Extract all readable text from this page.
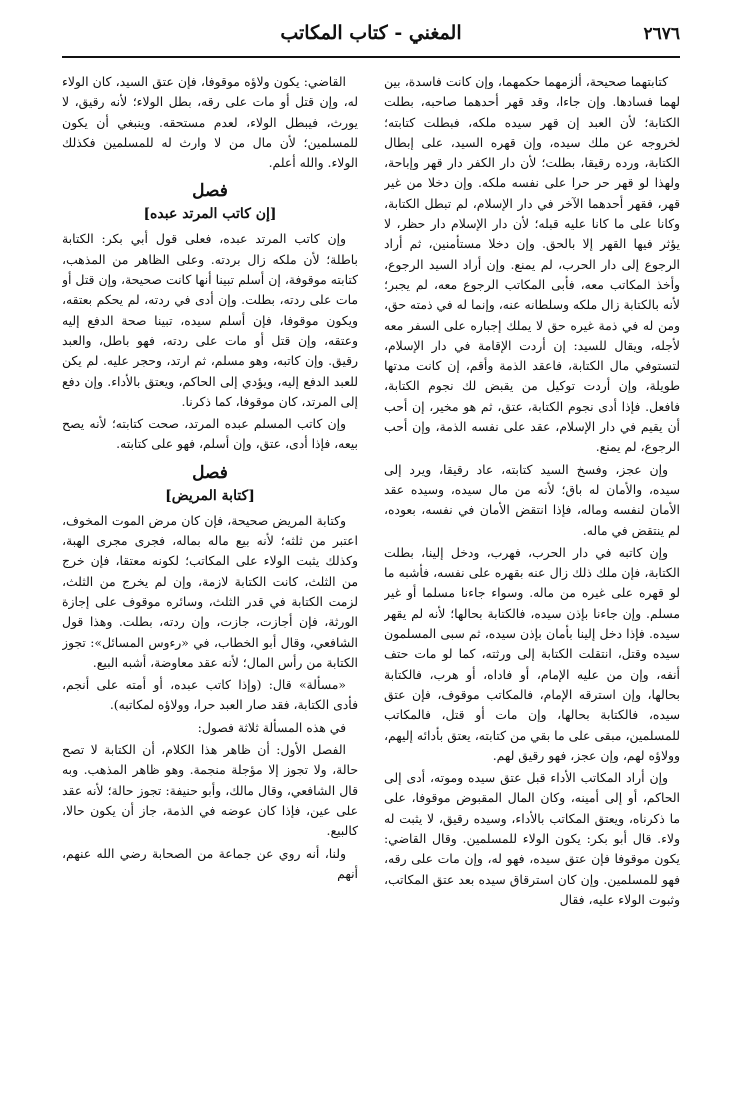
٢٦٧٦
المغني - كتاب المكاتب

كتابتهما صحيحة، ألزمهما حكمهما، وإن كانت فاسدة، بين لهما فسادها. وإن جاءا، وقد قهر أحدهما صاحبه، بطلت الكتابة؛ لأن العبد إن قهر سيده ملكه، فبطلت كتابته؛ لخروجه عن ملك سيده، وإن قهره السيد، على إبطال الكتابة، ورده رقيقا، بطلت؛ لأن دار الكفر دار قهر وإباحة، ولهذا لو قهر حر حرا على نفسه ملكه. وإن دخلا من غير قهر، فقهر أحدهما الآخر في دار الإسلام، لم تبطل الكتابة، وكانا على ما كانا عليه قبله؛ لأن دار الإسلام دار حظر، لا يؤثر فيها القهر إلا بالحق. وإن دخلا مستأمنين، ثم أراد الرجوع إلى دار الحرب، لم يمنع. وإن أراد السيد الرجوع، وأخذ المكاتب معه، فأبى المكاتب الرجوع معه، لم يجبر؛ لأنه بالكتابة زال ملكه وسلطانه عنه، وإنما له في ذمته حق، ومن له في ذمة غيره حق لا يملك إجباره على السفر معه لأجله، ويقال للسيد: إن أردت الإقامة في دار الإسلام، لتستوفي مال الكتابة، فاعقد الذمة وأقم، إن كانت مدتها طويلة، وإن أردت توكيل من يقبض لك نجوم الكتابة، فافعل. فإذا أدى نجوم الكتابة، عتق، ثم هو مخير، إن أحب أن يقيم في دار الإسلام، عقد على نفسه الذمة، وإن أحب الرجوع، لم يمنع.

وإن عجز، وفسخ السيد كتابته، عاد رقيقا، ويرد إلى سيده، والأمان له باق؛ لأنه من مال سيده، وسيده عقد الأمان لنفسه وماله، فإذا انتقض الأمان في نفسه، بعوده، لم ينتقض في ماله.

وإن كاتبه في دار الحرب، فهرب، ودخل إلينا، بطلت الكتابة، فإن ملك ذلك زال عنه بقهره على نفسه، فأشبه ما لو قهره على غيره من ماله. وسواء جاءنا مسلما أو غير مسلم. وإن جاءنا بإذن سيده، فالكتابة بحالها؛ لأنه لم يقهر سيده. فإذا دخل إلينا بأمان بإذن سيده، ثم سبى المسلمون سيده وقتل، انتقلت الكتابة إلى ورثته، كما لو مات حتف أنفه، وإن من عليه الإمام، أو فاداه، أو هرب، فالكتابة بحالها، وإن استرقه الإمام، فالمكاتب موقوف، فإن عتق سيده، فالكتابة بحالها، وإن مات أو قتل، فالمكاتب للمسلمين، مبقى على ما بقي من كتابته، يعتق بأدائه إليهم، وولاؤه لهم، وإن عجز، فهو رقيق لهم.

وإن أراد المكاتب الأداء قبل عتق سيده وموته، أدى إلى الحاكم، أو إلى أمينه، وكان المال المقبوض موقوفا، على ما ذكرناه، ويعتق المكاتب بالأداء، وسيده رقيق، لا يثبت له ولاء. قال أبو بكر: يكون الولاء للمسلمين. وقال القاضي: يكون موقوفا فإن عتق سيده، فهو له، وإن مات على رقه، فهو للمسلمين. وإن كان استرقاق سيده بعد عتق المكاتب، وثبوت الولاء عليه، فقال

القاضي: يكون ولاؤه موقوفا، فإن عتق السيد، كان الولاء له، وإن قتل أو مات على رقه، بطل الولاء؛ لأنه رقيق، لا يورث، فيبطل الولاء، لعدم مستحقه. وينبغي أن يكون للمسلمين؛ لأن مال من لا وارث له للمسلمين فكذلك الولاء. والله أعلم.

فصل
[إن كاتب المرتد عبده]

وإن كاتب المرتد عبده، فعلى قول أبي بكر: الكتابة باطلة؛ لأن ملكه زال بردته. وعلى الظاهر من المذهب، كتابته موقوفة، إن أسلم تبينا أنها كانت صحيحة، وإن قتل أو مات على ردته، بطلت. وإن أدى في ردته، لم يحكم بعتقه، ويكون موقوفا، فإن أسلم سيده، تبينا صحة الدفع إليه وعتقه، وإن قتل أو مات على ردته، فهو باطل، والعبد رقيق. وإن كاتبه، وهو مسلم، ثم ارتد، وحجر عليه. لم يكن للعبد الدفع إليه، ويؤدي إلى الحاكم، ويعتق بالأداء. وإن دفع إلى المرتد، كان موقوفا، كما ذكرنا.

وإن كاتب المسلم عبده المرتد، صحت كتابته؛ لأنه يصح بيعه، فإذا أدى، عتق، وإن أسلم، فهو على كتابته.

فصل
[كتابة المريض]

وكتابة المريض صحيحة، فإن كان مرض الموت المخوف، اعتبر من ثلثه؛ لأنه بيع ماله بماله، فجرى مجرى الهبة، وكذلك يثبت الولاء على المكاتب؛ لكونه معتقا، فإن خرج من الثلث، كانت الكتابة لازمة، وإن لم يخرج من الثلث، لزمت الكتابة في قدر الثلث، وسائره موقوف على إجازة الورثة، فإن أجازت، جازت، وإن ردته، بطلت. وهذا قول الشافعي، وقال أبو الخطاب، في «رءوس المسائل»: تجوز الكتابة من رأس المال؛ لأنه عقد معاوضة، أشبه البيع.

«مسألة» قال: (وإذا كاتب عبده، أو أمته على أنجم، فأدى الكتابة، فقد صار العبد حرا، وولاؤه لمكاتبه).

في هذه المسألة ثلاثة فصول:

الفصل الأول: أن ظاهر هذا الكلام، أن الكتابة لا تصح حالة، ولا تجوز إلا مؤجلة منجمة. وهو ظاهر المذهب. وبه قال الشافعي، وقال مالك، وأبو حنيفة: تجوز حالة؛ لأنه عقد على عين، فإذا كان عوضه في الذمة، جاز أن يكون حالا، كالبيع.

ولنا، أنه روي عن جماعة من الصحابة رضي الله عنهم، أنهم
